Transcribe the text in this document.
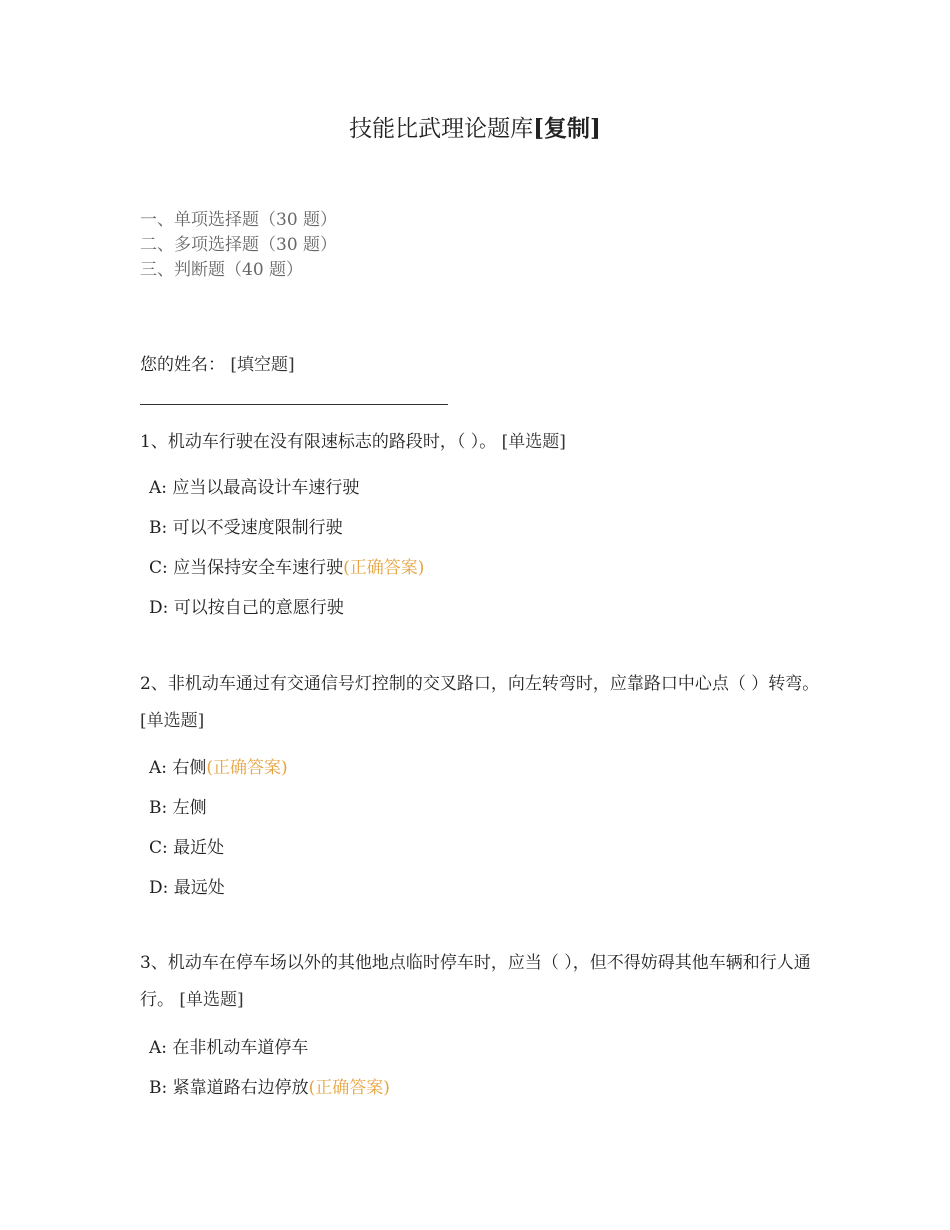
技能比武理论题库[复制]
一、单项选择题（30 题）
二、多项选择题（30 题）
三、判断题（40 题）
您的姓名： [填空题]
1、机动车行驶在没有限速标志的路段时，（ ）。 [单选题]
A: 应当以最高设计车速行驶
B: 可以不受速度限制行驶
C: 应当保持安全车速行驶(正确答案)
D: 可以按自己的意愿行驶
2、非机动车通过有交通信号灯控制的交叉路口，向左转弯时，应靠路口中心点（ ）转弯。 [单选题]
A: 右侧(正确答案)
B: 左侧
C: 最近处
D: 最远处
3、机动车在停车场以外的其他地点临时停车时，应当（ ），但不得妨碍其他车辆和行人通行。 [单选题]
A: 在非机动车道停车
B: 紧靠道路右边停放(正确答案)
